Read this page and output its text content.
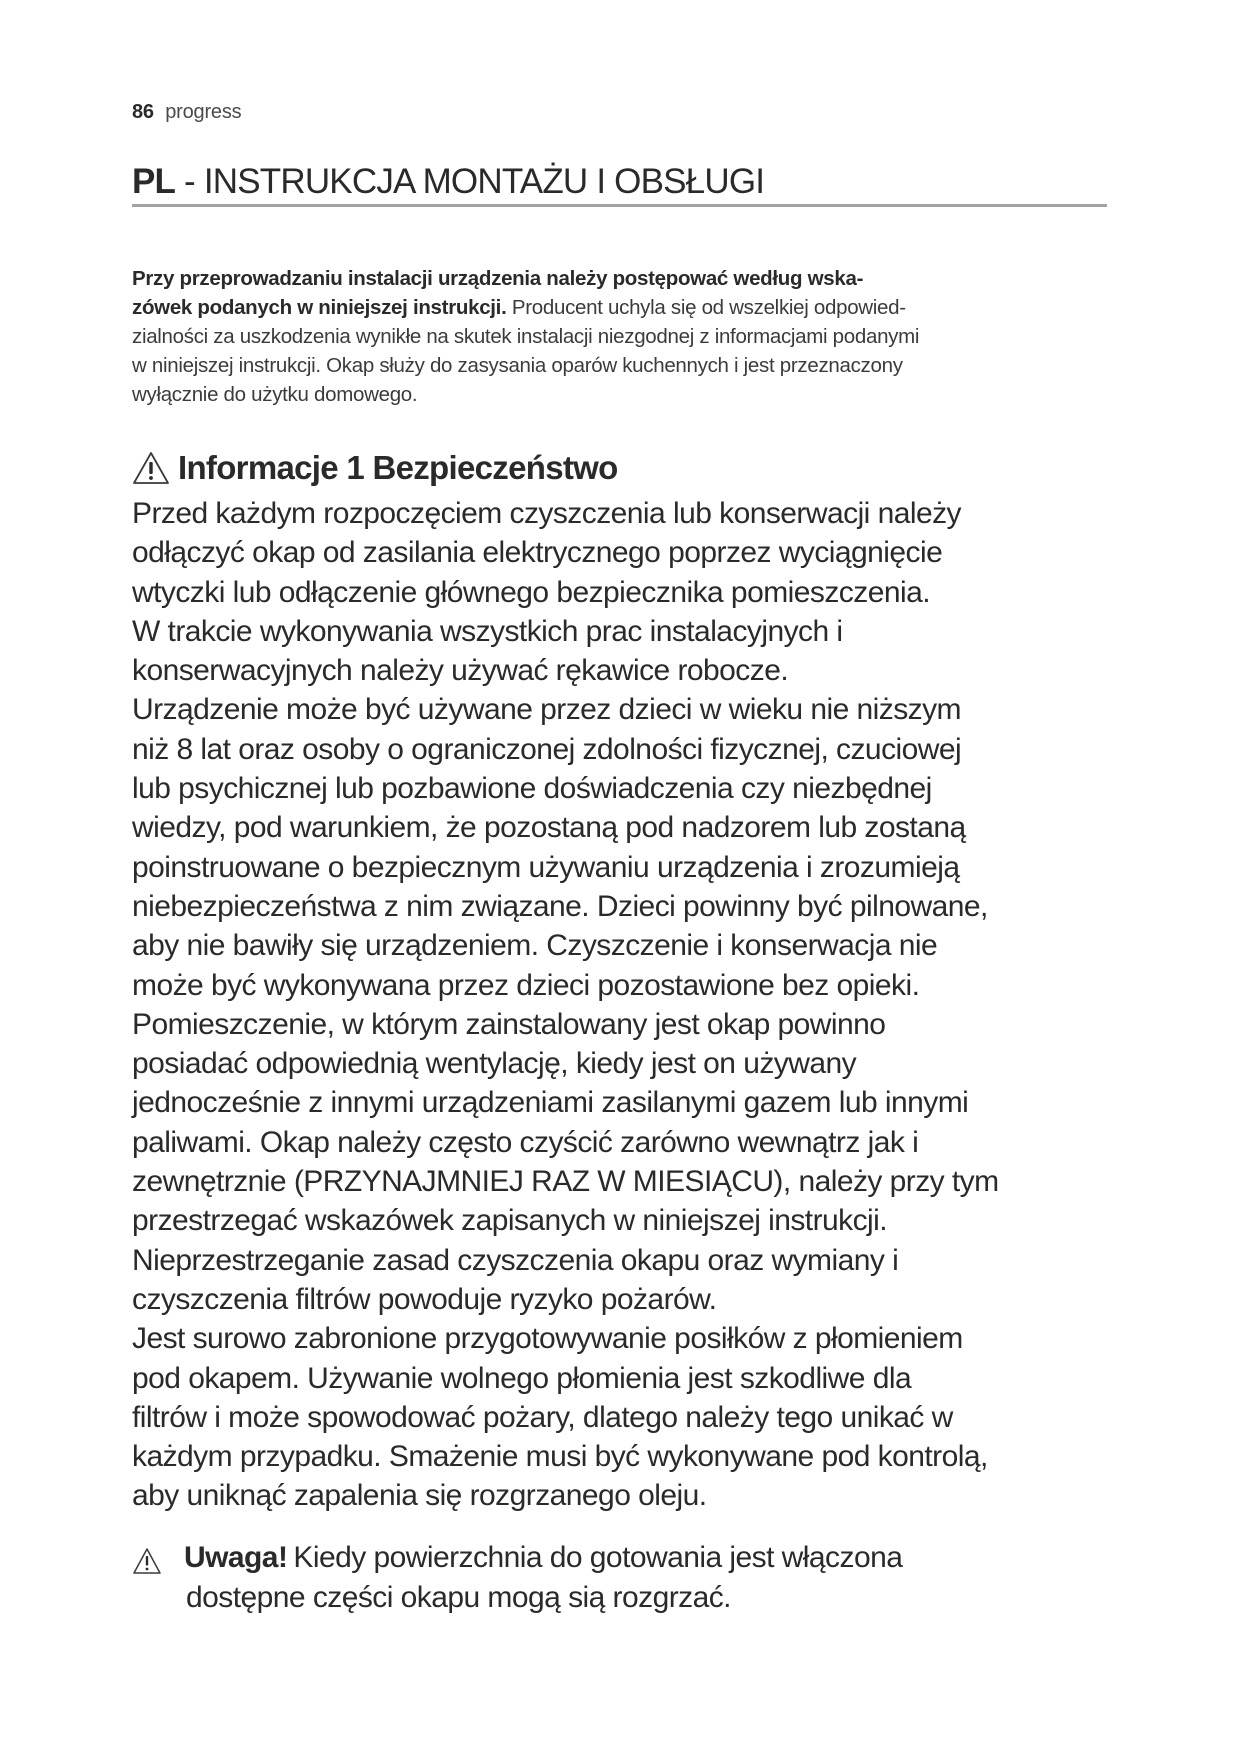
86 progress
PL - INSTRUKCJA MONTAŻU I OBSŁUGI
Przy przeprowadzaniu instalacji urządzenia należy postępować według wska-
zówek podanych w niniejszej instrukcji. Producent uchyla się od wszelkiej odpowied-
zialności za uszkodzenia wynikłe na skutek instalacji niezgodnej z informacjami podanymi
w niniejszej instrukcji. Okap służy do zasysania oparów kuchennych i jest przeznaczony
wyłącznie do użytku domowego.
Informacje 1 Bezpieczeństwo
Przed każdym rozpoczęciem czyszczenia lub konserwacji należy
odłączyć okap od zasilania elektrycznego poprzez wyciągnięcie
wtyczki lub odłączenie głównego bezpiecznika pomieszczenia.
W trakcie wykonywania wszystkich prac instalacyjnych i
konserwacyjnych należy używać rękawice robocze.
Urządzenie może być używane przez dzieci w wieku nie niższym
niż 8 lat oraz osoby o ograniczonej zdolności fizycznej, czuciowej
lub psychicznej lub pozbawione doświadczenia czy niezbędnej
wiedzy, pod warunkiem, że pozostaną pod nadzorem lub zostaną
poinstruowane o bezpiecznym używaniu urządzenia i zrozumieją
niebezpieczeństwa z nim związane. Dzieci powinny być pilnowane,
aby nie bawiły się urządzeniem. Czyszczenie i konserwacja nie
może być wykonywana przez dzieci pozostawione bez opieki.
Pomieszczenie, w którym zainstalowany jest okap powinno
posiadać odpowiednią wentylację, kiedy jest on używany
jednocześnie z innymi urządzeniami zasilanymi gazem lub innymi
paliwami. Okap należy często czyścić zarówno wewnątrz jak i
zewnętrznie (PRZYNAJMNIEJ RAZ W MIESIĄCU), należy przy tym
przestrzegać wskazówek zapisanych w niniejszej instrukcji.
Nieprzestrzeganie zasad czyszczenia okapu oraz wymiany i
czyszczenia filtrów powoduje ryzyko pożarów.
Jest surowo zabronione przygotowywanie posiłków z płomieniem
pod okapem. Używanie wolnego płomienia jest szkodliwe dla
filtrów i może spowodować pożary, dlatego należy tego unikać w
każdym przypadku. Smażenie musi być wykonywane pod kontrolą,
aby uniknąć zapalenia się rozgrzanego oleju.
Uwaga! Kiedy powierzchnia do gotowania jest włączona
dostępne części okapu mogą sią rozgrzać.
